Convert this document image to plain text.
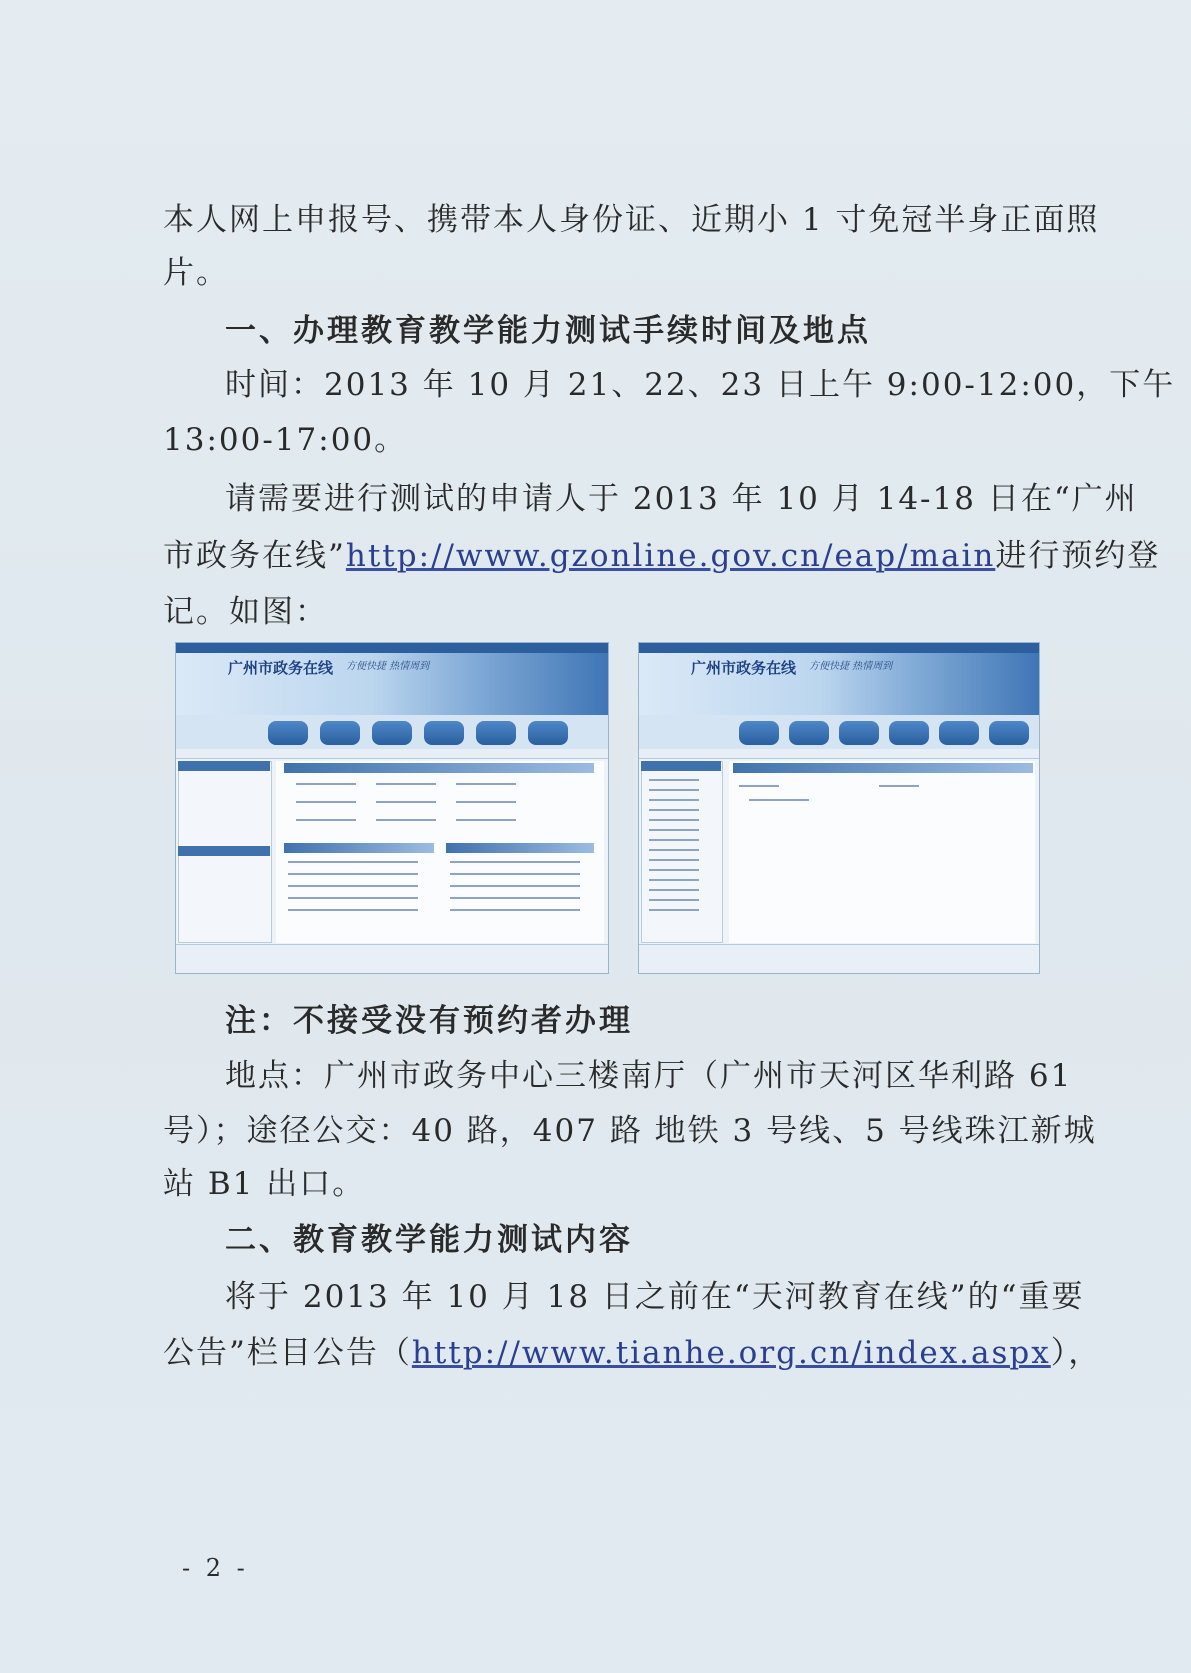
本人网上申报号、携带本人身份证、近期小 1 寸免冠半身正面照
片。
一、办理教育教学能力测试手续时间及地点
时间：2013 年 10 月 21、22、23 日上午 9:00-12:00，下午
13:00-17:00。
请需要进行测试的申请人于 2013 年 10 月 14-18 日在“广州
市政务在线”http://www.gzonline.gov.cn/eap/main进行预约登
记。如图：
广州市政务在线 方便快捷 热情周到	广州市政务在线 方便快捷 热情周到
注：不接受没有预约者办理
地点：广州市政务中心三楼南厅（广州市天河区华利路 61
号）；途径公交：40 路，407 路 地铁 3 号线、5 号线珠江新城
站 B1 出口。
二、教育教学能力测试内容
将于 2013 年 10 月 18 日之前在“天河教育在线”的“重要
公告”栏目公告（http://www.tianhe.org.cn/index.aspx），
- 2 -
